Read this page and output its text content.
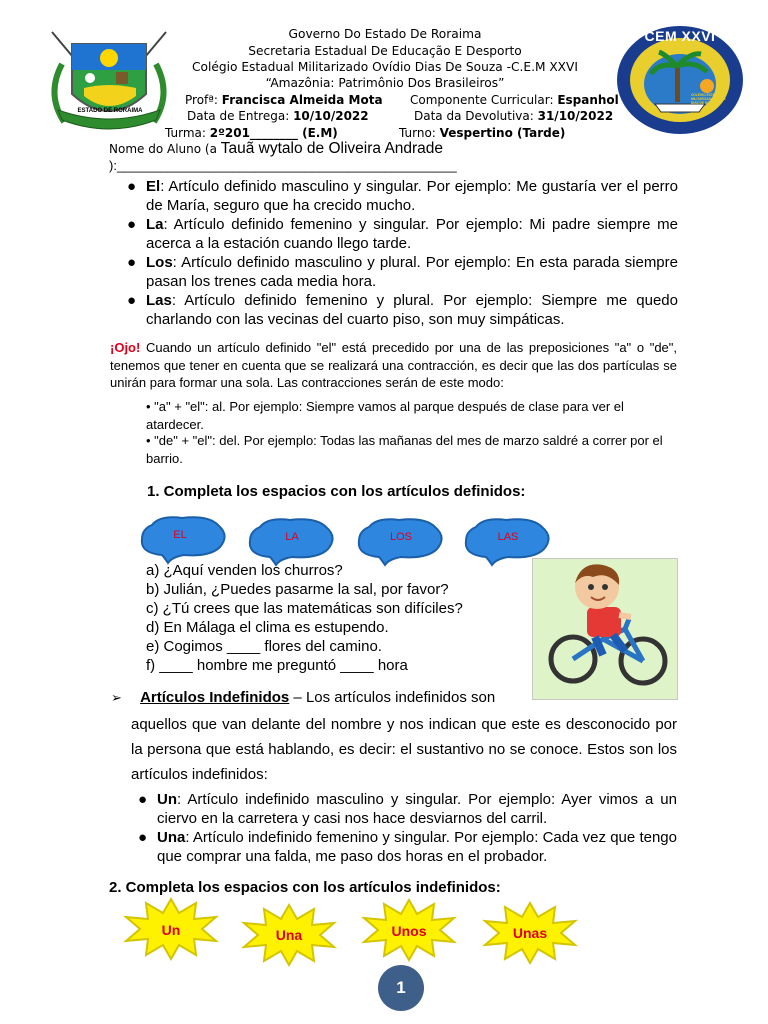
ESTADO DE RORAIMA
CEM XXVI
COLÉGIO ESTADUAL MILITARIZADO OVÍDIO DIAS DE SOUZA
Governo Do Estado De Roraima
Secretaria Estadual De Educação E Desporto
Colégio Estadual Militarizado Ovídio Dias De Souza -C.E.M XXVI
“Amazônia: Patrimônio Dos Brasileiros”
Profª: Francisca Almeida Mota Componente Curricular: Espanhol
Data de Entrega: 10/10/2022	Data da Devolutiva: 31/10/2022
Turma: 2º201________ (E.M)	Turno: Vespertino (Tarde)
Nome do Aluno (a Tauã wytalo de Oliveira Andrade
):_______________________________________________
● El: Artículo definido masculino y singular. Por ejemplo: Me gustaría ver el perro de María, seguro que ha crecido mucho.
● La: Artículo definido femenino y singular. Por ejemplo: Mi padre siempre me acerca a la estación cuando llego tarde.
● Los: Artículo definido masculino y plural. Por ejemplo: En esta parada siempre pasan los trenes cada media hora.
● Las: Artículo definido femenino y plural. Por ejemplo: Siempre me quedo charlando con las vecinas del cuarto piso, son muy simpáticas.
¡Ojo! Cuando un artículo definido "el" está precedido por una de las preposiciones "a" o "de", tenemos que tener en cuenta que se realizará una contracción, es decir que las dos partículas se unirán para formar una sola. Las contracciones serán de este modo:
• "a" + "el": al. Por ejemplo: Siempre vamos al parque después de clase para ver el atardecer.
• "de" + "el": del. Por ejemplo: Todas las mañanas del mes de marzo saldré a correr por el barrio.
1. Completa los espacios con los artículos definidos:
EL	LA	LOS	LAS
a) ¿Aquí venden los churros?
b) Julián, ¿Puedes pasarme la sal, por favor?
c) ¿Tú crees que las matemáticas son difíciles?
d) En Málaga el clima es estupendo.
e) Cogimos ____ flores del camino.
f) ____ hombre me preguntó ____ hora
➢ Artículos Indefinidos – Los artículos indefinidos son
aquellos que van delante del nombre y nos indican que este es desconocido por la persona que está hablando, es decir: el sustantivo no se conoce. Estos son los artículos indefinidos:
● Un: Artículo indefinido masculino y singular. Por ejemplo: Ayer vimos a un ciervo en la carretera y casi nos hace desviarnos del carril.
● Una: Artículo indefinido femenino y singular. Por ejemplo: Cada vez que tengo que comprar una falda, me paso dos horas en el probador.
2. Completa los espacios con los artículos indefinidos:
Un	Una	Unos	Unas
1
